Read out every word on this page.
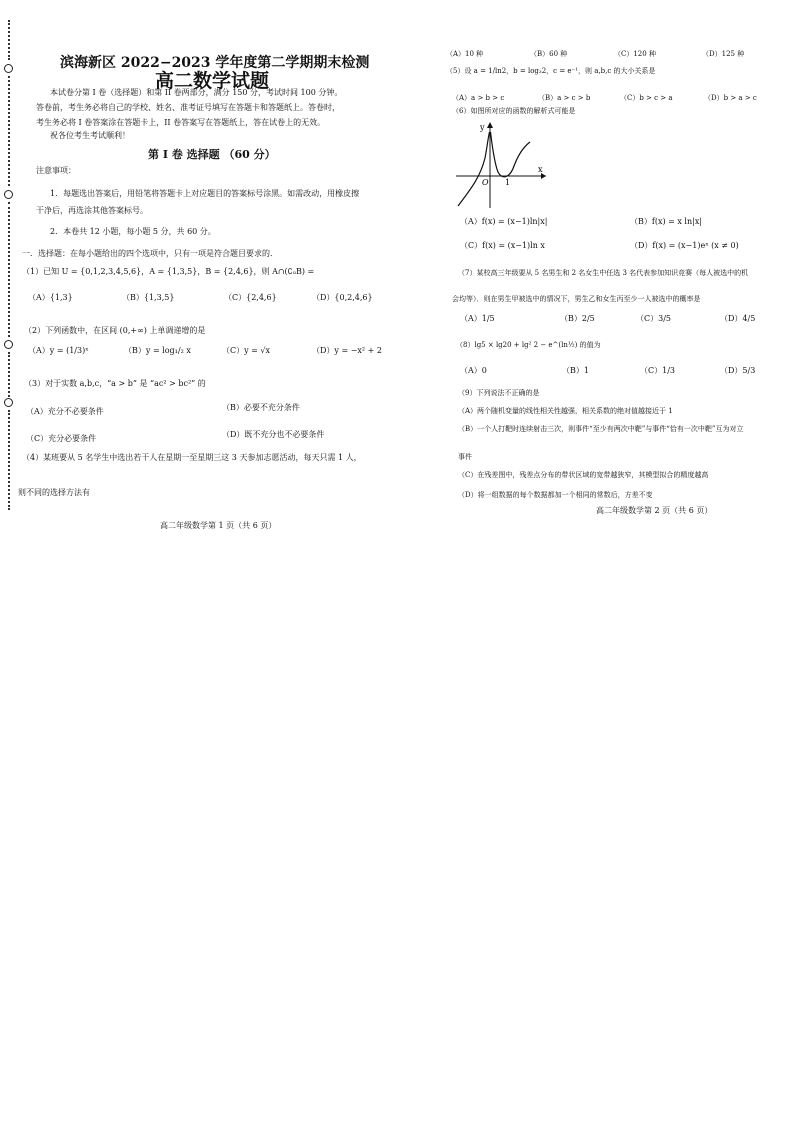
滨海新区 2022−2023 学年度第二学期期末检测
高二数学试题
本试卷分第 I 卷（选择题）和第 II 卷两部分，满分 150 分，考试时间 100 分钟。
答卷前，考生务必将自己的学校、姓名、准考证号填写在答题卡和答题纸上。答卷时，
考生务必将 I 卷答案涂在答题卡上，II 卷答案写在答题纸上，答在试卷上的无效。
祝各位考生考试顺利！
第 I 卷 选择题 （60 分）
注意事项：
1．每题选出答案后，用铅笔将答题卡上对应题目的答案标号涂黑。如需改动，用橡皮擦
干净后，再选涂其他答案标号。
2．本卷共 12 小题，每小题 5 分，共 60 分。
一．选择题：在每小题给出的四个选项中，只有一项是符合题目要求的．
（1）已知 U = {0,1,2,3,4,5,6}，A = {1,3,5}，B = {2,4,6}，则 A∩(∁ᵤB) =
（A）{1,3}	（B）{1,3,5}	（C）{2,4,6}	（D）{0,2,4,6}
（2）下列函数中，在区间 (0,+∞) 上单调递增的是
（A）y = (1/3)ˣ	（B）y = log₁/₂ x	（C）y = √x	（D）y = −x² + 2
（3）对于实数 a,b,c，“a > b” 是 “ac² > bc²” 的
（A）充分不必要条件	（B）必要不充分条件
（C）充分必要条件	（D）既不充分也不必要条件
（4）某班要从 5 名学生中选出若干人在星期一至星期三这 3 天参加志愿活动，每天只需 1 人，
则不同的选择方法有
高二年级数学第 1 页（共 6 页）
（A）10 种	（B）60 种	（C）120 种	（D）125 种
（5）设 a = 1/ln2，b = log₃2，c = e⁻¹，则 a,b,c 的大小关系是
（A）a > b > c	（B）a > c > b	（C）b > c > a	（D）b > a > c
（6）如图所对应的函数的解析式可能是
y
O 1
x
（A）f(x) = (x−1)ln|x|	（B）f(x) = x ln|x|
（C）f(x) = (x−1)ln x	（D）f(x) = (x−1)eˣ (x ≠ 0)
（7）某校高三年级要从 5 名男生和 2 名女生中任选 3 名代表参加知识竞赛（每人被选中的机
会均等）．则在男生甲被选中的情况下，男生乙和女生丙至少一人被选中的概率是
（A）1/5	（B）2/5	（C）3/5	（D）4/5
（8）lg5 × lg20 + lg² 2 − e^(ln½) 的值为
（A）0	（B）1	（C）1/3	（D）5/3
（9）下列说法不正确的是
（A）两个随机变量的线性相关性越强，相关系数的绝对值越接近于 1
（B）一个人打靶时连续射击三次，则事件“至少有两次中靶”与事件“恰有一次中靶”互为对立
事件
（C）在残差图中，残差点分布的带状区域的宽带越狭窄，其模型拟合的精度越高
（D）将一组数据的每个数据都加一个相同的常数后，方差不变
高二年级数学第 2 页（共 6 页）
